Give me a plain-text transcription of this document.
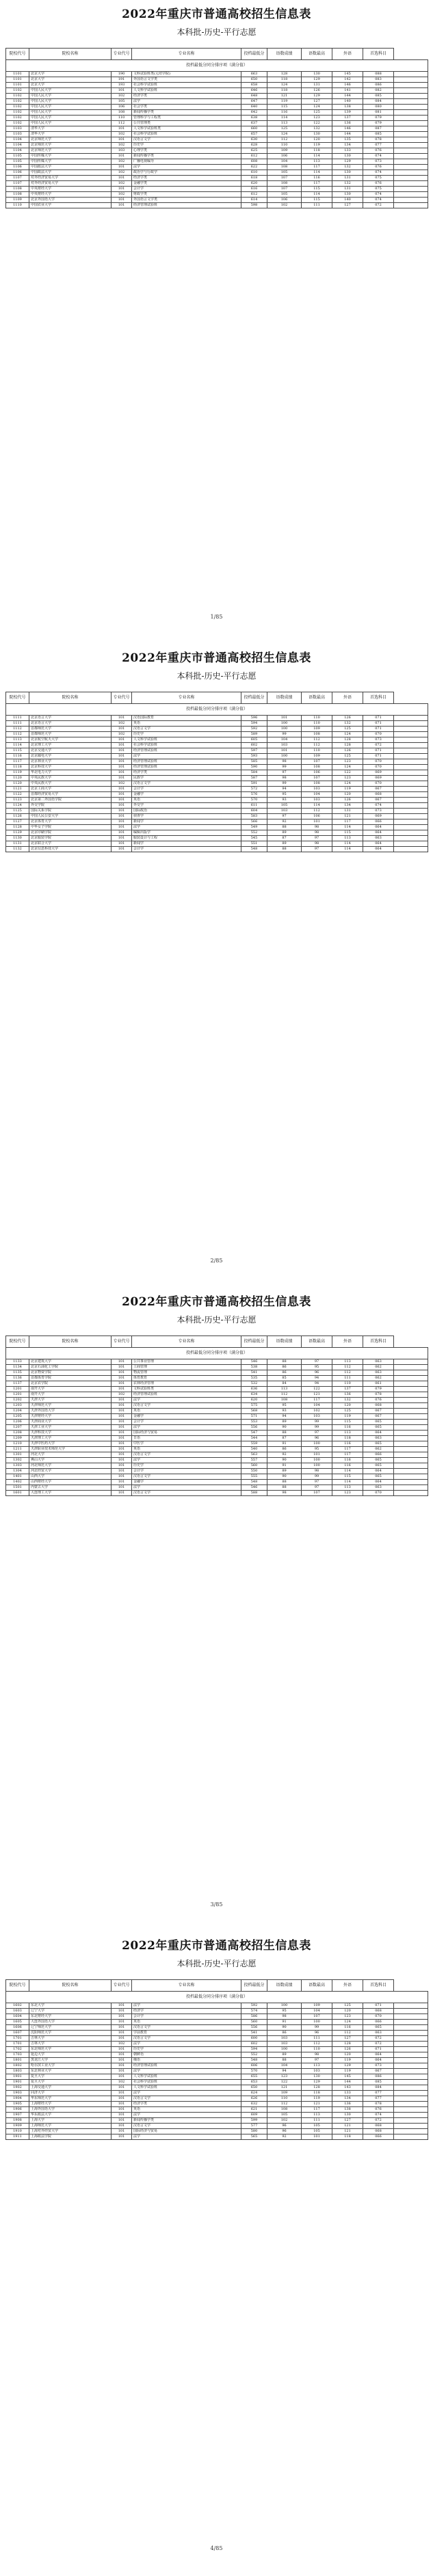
2022年重庆市普通高校招生信息表
本科批-历史-平行志愿
院校代号	院校名称	专业代号	专业名称	投档最低分	语数成绩	语数最高	外语	首选科目	
投档最低分同分排序项（满分值）									
1101	北京大学	190	文科试验班类(元培学院)	663	128	130	145	088	
1101	北京大学	191	外国语言文学类	650	118	129	142	083	
1101	北京大学	193	社会科学试验班	658	124	131	146	086	
1102	中国人民大学	101	人文科学试验班	646	118	126	141	082	
1102	中国人民大学	102	经济学类	648	121	129	144	085	
1102	中国人民大学	105	法学	647	119	127	140	084	
1102	中国人民大学	106	社会学类	640	115	124	138	080	
1102	中国人民大学	108	新闻传播学类	642	116	125	139	081	
1102	中国人民大学	110	管理科学与工程类	638	114	123	137	079	
1102	中国人民大学	112	公共管理类	637	113	122	136	079	
1103	清华大学	101	人文科学试验班类	660	125	132	146	087	
1103	清华大学	102	社会科学试验班	657	124	130	144	085	
1104	北京师范大学	101	汉语言文学	630	112	120	135	078	
1104	北京师范大学	102	历史学	628	110	119	134	077	
1104	北京师范大学	103	心理学类	625	109	118	133	076	
1105	中国传媒大学	101	新闻传播学类	612	106	114	130	074	
1105	中国传媒大学	102	广播电视编导	608	104	113	129	073	
1106	中国政法大学	101	法学	622	108	117	132	076	
1106	中国政法大学	102	政治学与行政学	610	105	114	130	074	
1107	对外经济贸易大学	101	经济学类	618	107	116	131	075	
1107	对外经济贸易大学	102	金融学类	620	108	117	132	076	
1108	中央财经大学	101	会计学	616	107	115	131	075	
1108	中央财经大学	102	财政学类	612	105	114	130	074	
1109	北京外国语大学	101	外国语言文学类	614	106	115	140	074	
1110	中国农业大学	101	经济管理试验班	598	102	111	127	072	
1/85
2022年重庆市普通高校招生信息表
本科批-历史-平行志愿
院校代号	院校名称	专业代号	专业名称	投档最低分	语数成绩	语数最高	外语	首选科目	
投档最低分同分排序项（满分值）									
1111	北京语言大学	101	汉语国际教育	596	101	110	126	071	
1111	北京语言大学	102	英语	594	100	110	132	071	
1112	首都师范大学	101	汉语言文学	592	100	109	125	071	
1112	首都师范大学	102	历史学	589	99	108	124	070	
1113	北京航空航天大学	101	人文科学试验班	605	104	112	128	073	
1114	北京理工大学	101	社会科学试验班	602	103	112	128	072	
1115	北京交通大学	101	经济管理试验班	597	101	110	126	071	
1116	北京邮电大学	101	法学	593	100	109	125	071	
1117	北京林业大学	101	经济管理试验班	585	98	107	123	070	
1118	北京科技大学	101	经济管理试验班	590	99	108	124	070	
1119	华北电力大学	101	经济学类	584	97	106	122	069	
1120	中央民族大学	101	民族学	587	98	107	123	069	
1120	中央民族大学	102	汉语言文学	591	99	108	124	070	
1121	北京工商大学	101	会计学	572	94	103	119	067	
1122	首都经济贸易大学	101	金融学	576	95	104	120	068	
1123	北京第二外国语学院	101	英语	570	93	103	126	067	
1124	外交学院	101	外交学	611	105	114	134	074	
1125	国际关系学院	101	国际政治	604	103	112	131	073	
1126	中国人民公安大学	101	侦查学	583	97	106	121	069	
1127	北京体育大学	101	新闻学	566	92	101	117	066	
1128	中华女子学院	101	法学	549	88	98	114	064	
1129	北京印刷学院	101	编辑出版学	552	89	98	115	064	
1130	北京服装学院	101	服装设计与工程	545	87	97	113	063	
1131	北京联合大学	101	新闻学	551	89	98	114	064	
1132	北京信息科技大学	101	会计学	548	88	97	114	064	
2/85
2022年重庆市普通高校招生信息表
本科批-历史-平行志愿
院校代号	院校名称	专业代号	专业名称	投档最低分	语数成绩	语数最高	外语	首选科目	
投档最低分同分排序项（满分值）									
1133	北京建筑大学	101	公共事业管理	546	88	97	113	063	
1134	北京石油化工学院	101	工商管理	538	86	95	112	062	
1135	北京物资学院	101	物流管理	541	86	96	112	063	
1136	首都体育学院	101	体育教育	535	85	94	111	062	
1137	北京农学院	101	农林经济管理	532	84	94	110	061	
1201	南开大学	101	文科试验班类	636	113	122	137	079	
1201	南开大学	102	经济管理试验班	634	112	121	136	078	
1202	天津大学	101	法学	620	108	117	132	076	
1203	天津师范大学	101	汉语言文学	575	95	104	120	068	
1204	天津外国语大学	101	英语	568	93	102	125	067	
1205	天津财经大学	101	金融学	571	94	103	119	067	
1206	天津商业大学	101	会计学	553	89	99	115	065	
1207	天津工业大学	101	法学	556	90	99	116	065	
1208	天津科技大学	101	国际经济与贸易	547	88	97	113	064	
1209	天津理工大学	101	日语	544	87	96	118	063	
1210	天津中医药大学	101	中医学	559	91	100	116	065	
1211	天津职业技术师范大学	101	英语	540	86	95	117	062	
1301	河北大学	101	汉语言文学	563	92	101	117	066	
1302	燕山大学	101	法学	557	90	100	116	065	
1303	河北师范大学	101	历史学	560	91	100	116	065	
1304	河北经贸大学	101	会计学	550	89	98	114	064	
1401	山西大学	101	汉语言文学	555	90	99	115	065	
1402	山西财经大学	101	金融学	548	88	97	114	064	
1501	内蒙古大学	101	法学	546	88	97	113	063	
1601	大连理工大学	101	汉语言文学	588	98	107	123	070	
3/85
2022年重庆市普通高校招生信息表
本科批-历史-平行志愿
院校代号	院校名称	专业代号	专业名称	投档最低分	语数成绩	语数最高	外语	首选科目	
投档最低分同分排序项（满分值）									
1602	东北大学	101	法学	592	100	109	125	071	
1603	辽宁大学	101	经济学	574	95	104	120	068	
1604	东北财经大学	101	会计学	586	98	107	123	070	
1605	大连外国语大学	101	英语	560	91	100	124	066	
1606	辽宁师范大学	101	汉语言文学	556	90	99	116	065	
1607	沈阳师范大学	101	学前教育	541	86	96	112	063	
1701	吉林大学	101	汉语言文学	600	103	111	127	072	
1701	吉林大学	102	法学	602	103	112	128	072	
1702	东北师范大学	101	历史学	594	100	110	126	071	
1703	延边大学	101	朝鲜语	552	89	98	120	064	
1801	黑龙江大学	101	俄语	548	88	97	119	064	
1802	哈尔滨工业大学	101	经济管理试验班	606	104	113	129	073	
1803	东北林业大学	101	法学	570	94	103	119	067	
1901	复旦大学	101	人文科学试验班	655	123	130	145	086	
1901	复旦大学	102	社会科学试验班	653	122	129	144	085	
1902	上海交通大学	101	人文科学试验班	650	121	128	143	084	
1903	同济大学	101	法学	624	109	118	133	077	
1904	华东师范大学	101	汉语言文学	626	110	119	134	077	
1905	上海财经大学	101	经济学类	632	112	121	136	078	
1906	上海外国语大学	101	英语	621	108	117	138	076	
1907	华东政法大学	101	法学	609	105	113	130	074	
1908	上海大学	101	新闻传播学类	599	102	111	127	072	
1909	上海师范大学	101	汉语言文学	577	96	105	121	068	
1910	上海对外经贸大学	101	国际经济与贸易	580	96	105	121	068	
1911	上海政法学院	101	法学	565	92	101	118	066	
4/85
